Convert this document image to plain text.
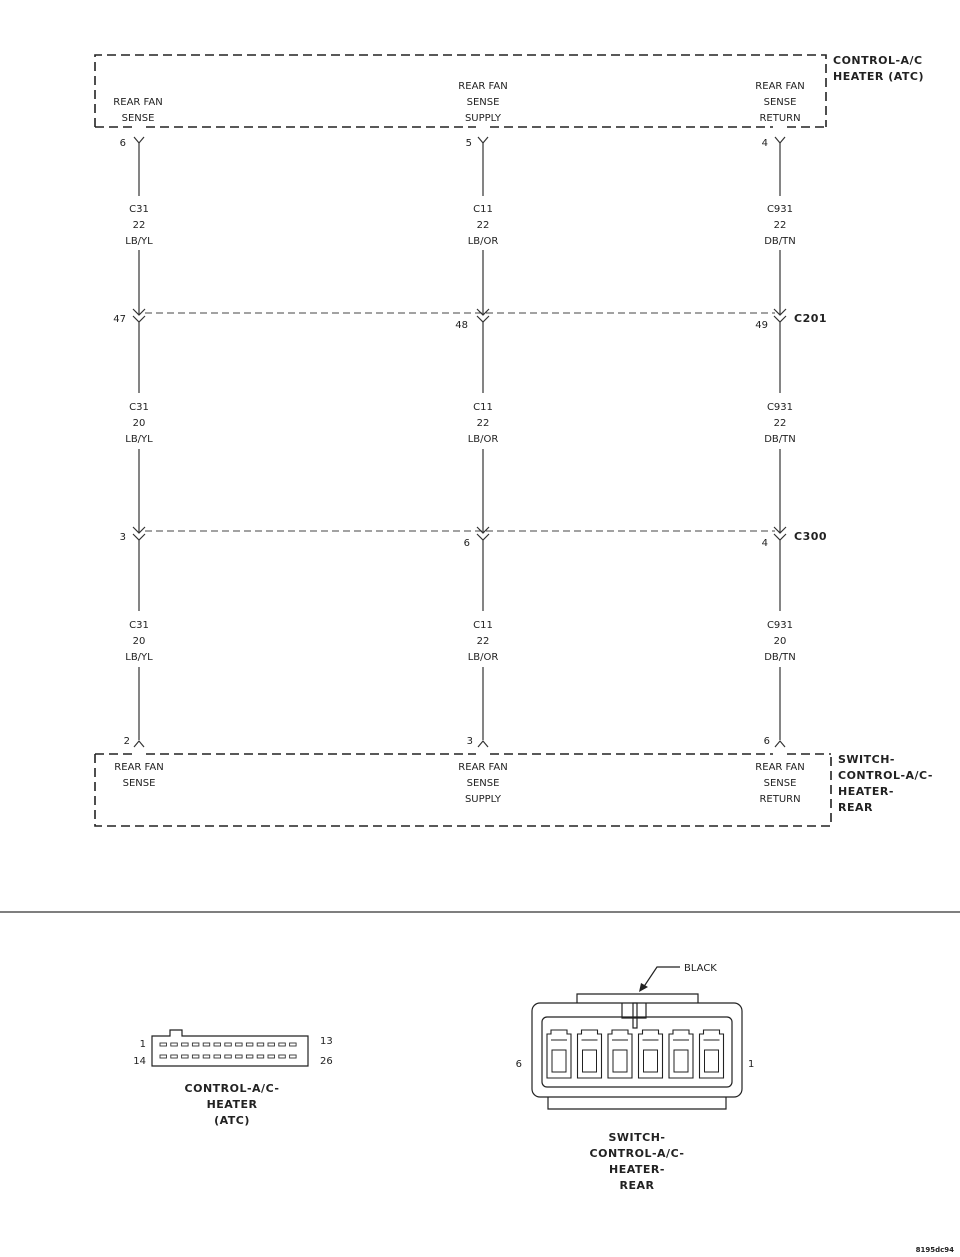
CONTROL-A/C
HEATER (ATC)
REAR FAN
SENSE
REAR FAN
SENSE
SUPPLY
REAR FAN
SENSE
RETURN
6	5	4
C31
22
LB/YL
C11
22
LB/OR
C931
22
DB/TN
47
48	49
C201
C31
20
LB/YL
C11
22
LB/OR
C931
22
DB/TN
3
6	4
C300
C31
20
LB/YL
C11
22
LB/OR
C931
20
DB/TN
SWITCH-
CONTROL-A/C-
HEATER-
REAR
2	3	6
REAR FAN
SENSE
REAR FAN
SENSE
SUPPLY
REAR FAN
SENSE
RETURN
1
14
13
26
CONTROL-A/C-
HEATER
(ATC)
BLACK
6	1
SWITCH-
CONTROL-A/C-
HEATER-
REAR
8195dc94
